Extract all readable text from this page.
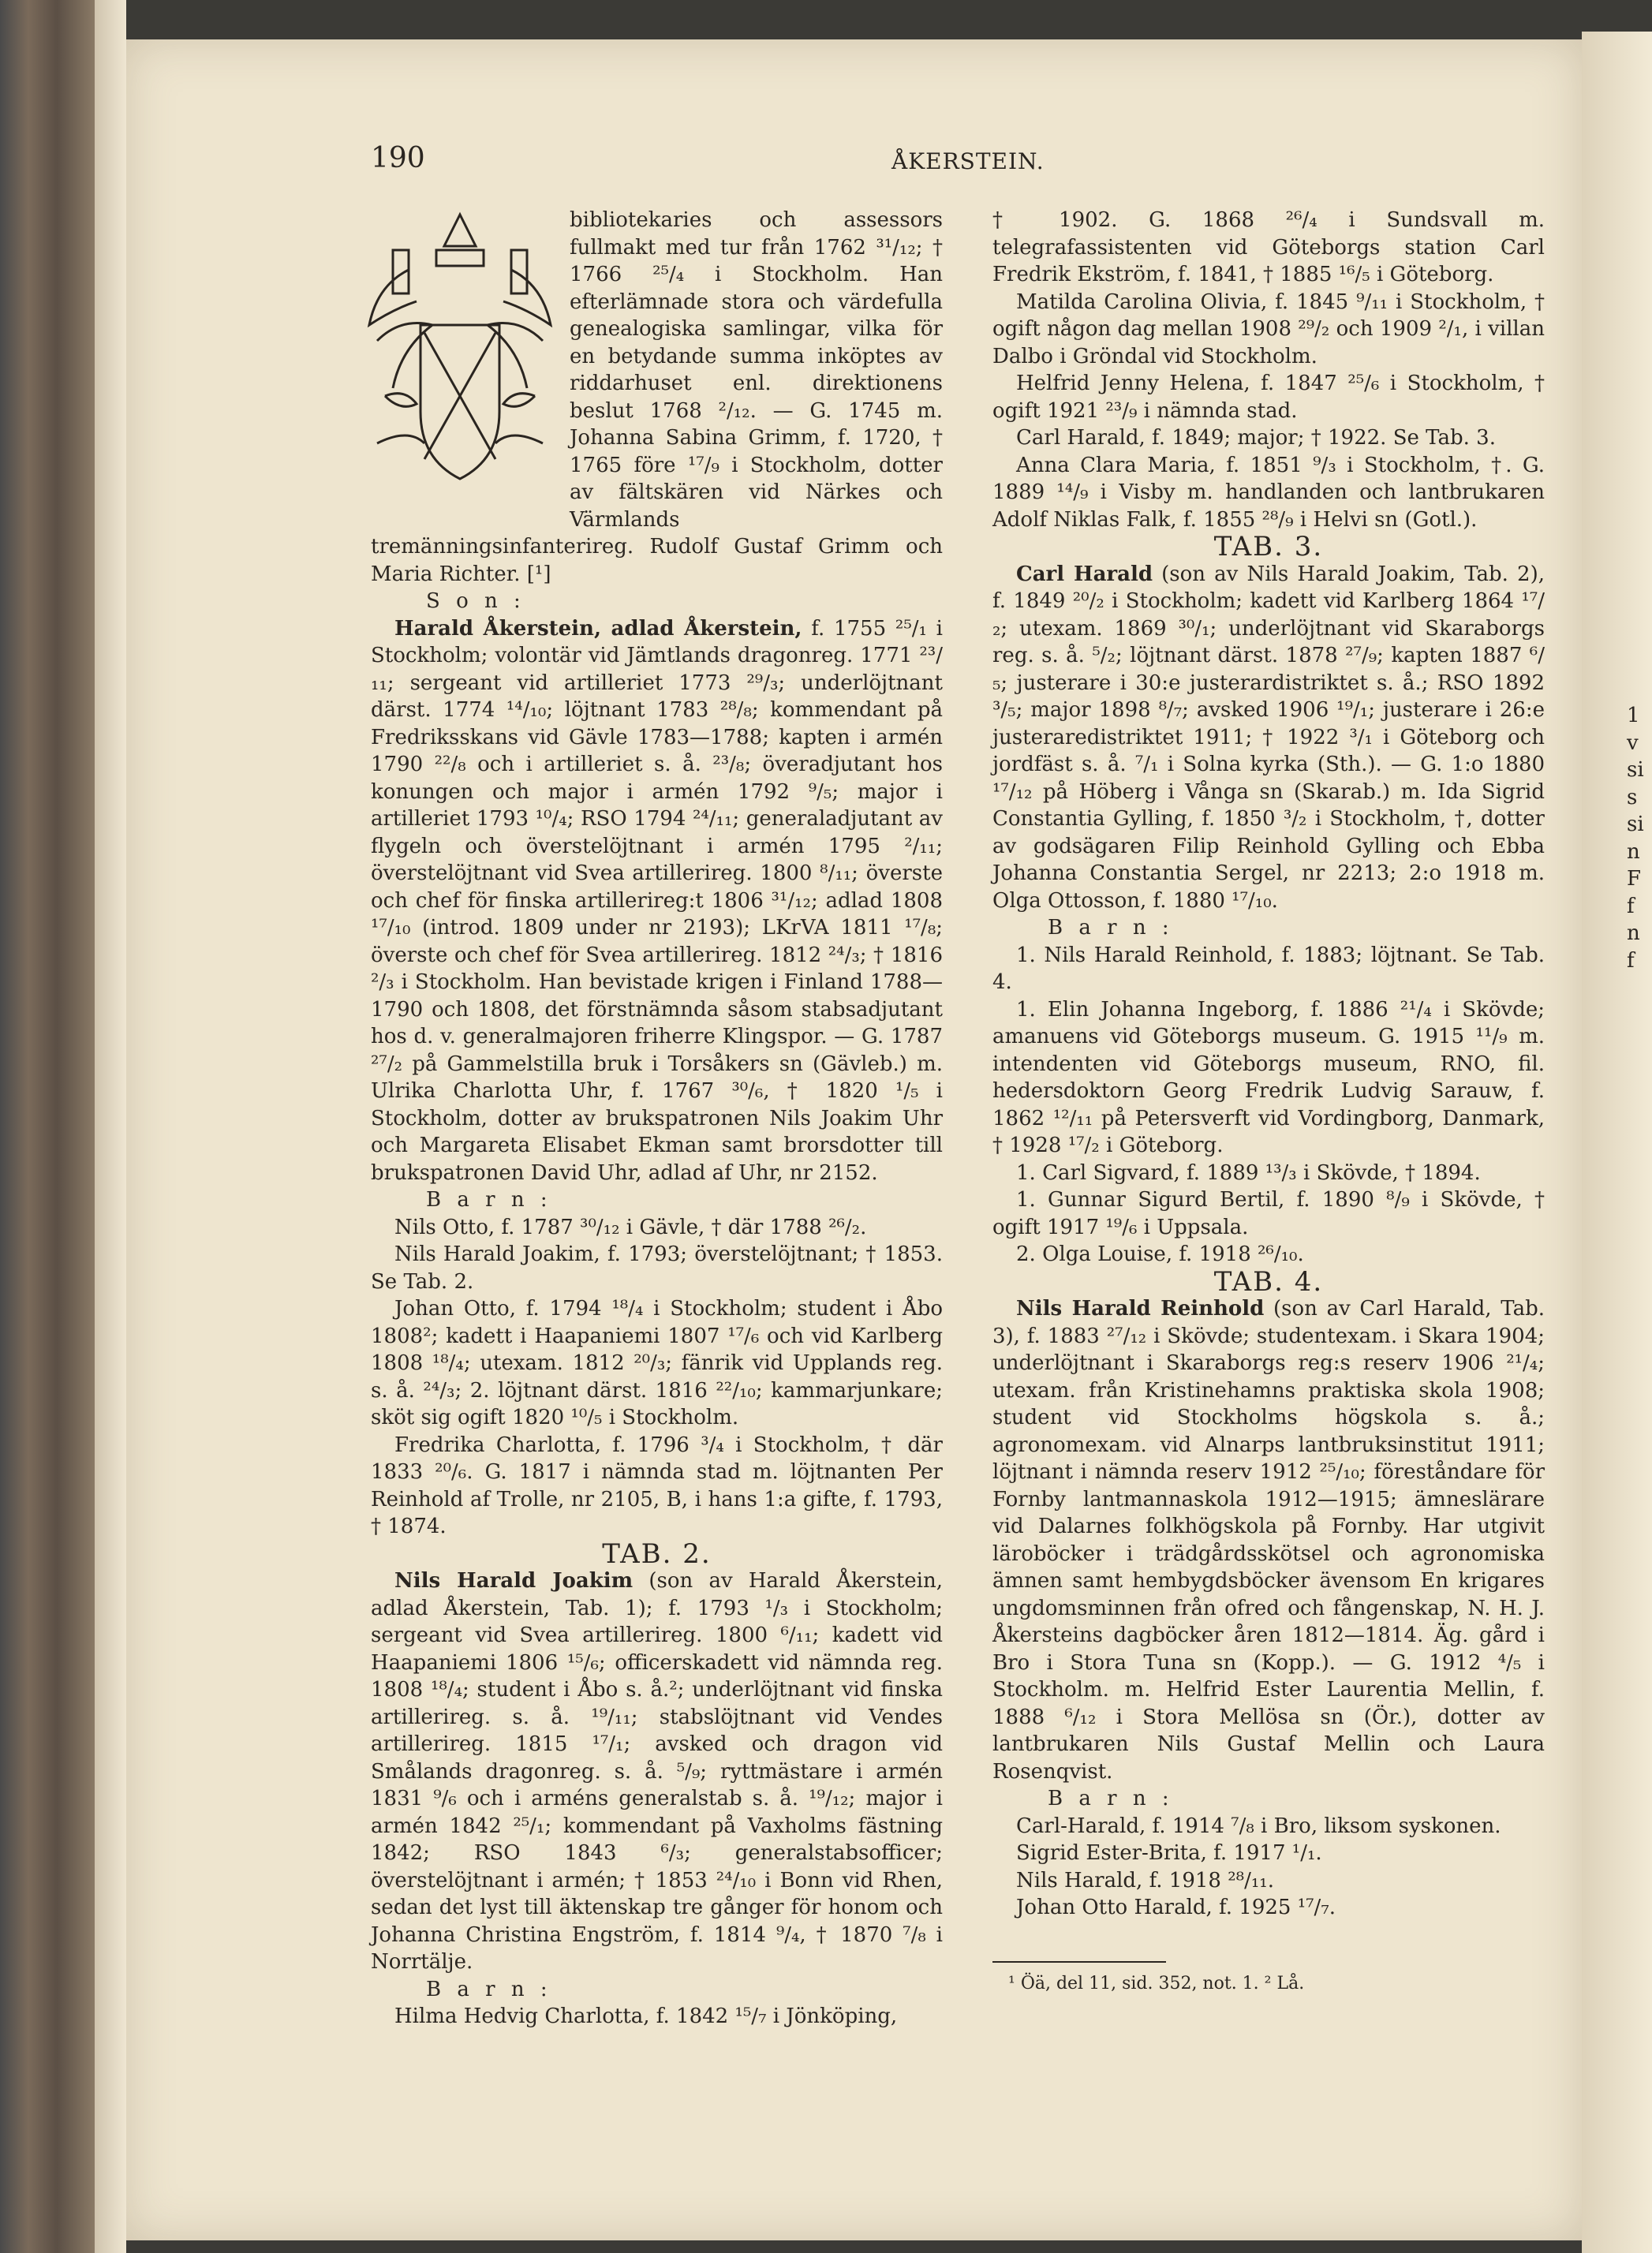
190	ÅKERSTEIN.

bibliotekaries och assessors fullmakt med tur från 1762 ³¹/₁₂; † 1766 ²⁵/₄ i Stockholm. Han efterlämnade stora och värdefulla genealogiska samlingar, vilka för en betydande summa inköptes av riddarhuset enl. direktionens beslut 1768 ²/₁₂. — G. 1745 m. Johanna Sabina Grimm, f. 1720, † 1765 före ¹⁷/₉ i Stockholm, dotter av fältskären vid Närkes och Värmlands tremänningsinfanterireg. Rudolf Gustaf Grimm och Maria Richter. [¹]

S o n :

Harald Åkerstein, adlad Åkerstein, f. 1755 ²⁵/₁ i Stockholm; volontär vid Jämtlands dragonreg. 1771 ²³/₁₁; sergeant vid artilleriet 1773 ²⁹/₃; underlöjtnant därst. 1774 ¹⁴/₁₀; löjtnant 1783 ²⁸/₈; kommendant på Fredriksskans vid Gävle 1783—1788; kapten i armén 1790 ²²/₈ och i artilleriet s. å. ²³/₈; överadjutant hos konungen och major i armén 1792 ⁹/₅; major i artilleriet 1793 ¹⁰/₄; RSO 1794 ²⁴/₁₁; generaladjutant av flygeln och överstelöjtnant i armén 1795 ²/₁₁; överstelöjtnant vid Svea artillerireg. 1800 ⁸/₁₁; överste och chef för finska artillerireg:t 1806 ³¹/₁₂; adlad 1808 ¹⁷/₁₀ (introd. 1809 under nr 2193); LKrVA 1811 ¹⁷/₈; överste och chef för Svea artillerireg. 1812 ²⁴/₃; † 1816 ²/₃ i Stockholm. Han bevistade krigen i Finland 1788—1790 och 1808, det förstnämnda såsom stabsadjutant hos d. v. generalmajoren friherre Klingspor. — G. 1787 ²⁷/₂ på Gammelstilla bruk i Torsåkers sn (Gävleb.) m. Ulrika Charlotta Uhr, f. 1767 ³⁰/₆, † 1820 ¹/₅ i Stockholm, dotter av brukspatronen Nils Joakim Uhr och Margareta Elisabet Ekman samt brorsdotter till brukspatronen David Uhr, adlad af Uhr, nr 2152.

B a r n :

Nils Otto, f. 1787 ³⁰/₁₂ i Gävle, † där 1788 ²⁶/₂.

Nils Harald Joakim, f. 1793; överstelöjtnant; † 1853. Se Tab. 2.

Johan Otto, f. 1794 ¹⁸/₄ i Stockholm; student i Åbo 1808²; kadett i Haapaniemi 1807 ¹⁷/₆ och vid Karlberg 1808 ¹⁸/₄; utexam. 1812 ²⁰/₃; fänrik vid Upplands reg. s. å. ²⁴/₃; 2. löjtnant därst. 1816 ²²/₁₀; kammarjunkare; sköt sig ogift 1820 ¹⁰/₅ i Stockholm.

Fredrika Charlotta, f. 1796 ³/₄ i Stockholm, † där 1833 ²⁰/₆. G. 1817 i nämnda stad m. löjtnanten Per Reinhold af Trolle, nr 2105, B, i hans 1:a gifte, f. 1793, † 1874.

TAB. 2.

Nils Harald Joakim (son av Harald Åkerstein, adlad Åkerstein, Tab. 1); f. 1793 ¹/₃ i Stockholm; sergeant vid Svea artillerireg. 1800 ⁶/₁₁; kadett vid Haapaniemi 1806 ¹⁵/₆; officerskadett vid nämnda reg. 1808 ¹⁸/₄; student i Åbo s. å.²; underlöjtnant vid finska artillerireg. s. å. ¹⁹/₁₁; stabslöjtnant vid Vendes artillerireg. 1815 ¹⁷/₁; avsked och dragon vid Smålands dragonreg. s. å. ⁵/₉; ryttmästare i armén 1831 ⁹/₆ och i arméns generalstab s. å. ¹⁹/₁₂; major i armén 1842 ²⁵/₁; kommendant på Vaxholms fästning 1842; RSO 1843 ⁶/₃; generalstabsofficer; överstelöjtnant i armén; † 1853 ²⁴/₁₀ i Bonn vid Rhen, sedan det lyst till äktenskap tre gånger för honom och Johanna Christina Engström, f. 1814 ⁹/₄, † 1870 ⁷/₈ i Norrtälje.

B a r n :

Hilma Hedvig Charlotta, f. 1842 ¹⁵/₇ i Jönköping,

† 1902. G. 1868 ²⁶/₄ i Sundsvall m. telegrafassistenten vid Göteborgs station Carl Fredrik Ekström, f. 1841, † 1885 ¹⁶/₅ i Göteborg.

Matilda Carolina Olivia, f. 1845 ⁹/₁₁ i Stockholm, † ogift någon dag mellan 1908 ²⁹/₂ och 1909 ²/₁, i villan Dalbo i Gröndal vid Stockholm.

Helfrid Jenny Helena, f. 1847 ²⁵/₆ i Stockholm, † ogift 1921 ²³/₉ i nämnda stad.

Carl Harald, f. 1849; major; † 1922. Se Tab. 3.

Anna Clara Maria, f. 1851 ⁹/₃ i Stockholm, †. G. 1889 ¹⁴/₉ i Visby m. handlanden och lantbrukaren Adolf Niklas Falk, f. 1855 ²⁸/₉ i Helvi sn (Gotl.).

TAB. 3.

Carl Harald (son av Nils Harald Joakim, Tab. 2), f. 1849 ²⁰/₂ i Stockholm; kadett vid Karlberg 1864 ¹⁷/₂; utexam. 1869 ³⁰/₁; underlöjtnant vid Skaraborgs reg. s. å. ⁵/₂; löjtnant därst. 1878 ²⁷/₉; kapten 1887 ⁶/₅; justerare i 30:e justerardistriktet s. å.; RSO 1892 ³/₅; major 1898 ⁸/₇; avsked 1906 ¹⁹/₁; justerare i 26:e justeraredistriktet 1911; † 1922 ³/₁ i Göteborg och jordfäst s. å. ⁷/₁ i Solna kyrka (Sth.). — G. 1:o 1880 ¹⁷/₁₂ på Höberg i Vånga sn (Skarab.) m. Ida Sigrid Constantia Gylling, f. 1850 ³/₂ i Stockholm, †, dotter av godsägaren Filip Reinhold Gylling och Ebba Johanna Constantia Sergel, nr 2213; 2:o 1918 m. Olga Ottosson, f. 1880 ¹⁷/₁₀.

B a r n :

1. Nils Harald Reinhold, f. 1883; löjtnant. Se Tab. 4.

1. Elin Johanna Ingeborg, f. 1886 ²¹/₄ i Skövde; amanuens vid Göteborgs museum. G. 1915 ¹¹/₉ m. intendenten vid Göteborgs museum, RNO, fil. hedersdoktorn Georg Fredrik Ludvig Sarauw, f. 1862 ¹²/₁₁ på Petersverft vid Vordingborg, Danmark, † 1928 ¹⁷/₂ i Göteborg.

1. Carl Sigvard, f. 1889 ¹³/₃ i Skövde, † 1894.

1. Gunnar Sigurd Bertil, f. 1890 ⁸/₉ i Skövde, † ogift 1917 ¹⁹/₆ i Uppsala.

2. Olga Louise, f. 1918 ²⁶/₁₀.

TAB. 4.

Nils Harald Reinhold (son av Carl Harald, Tab. 3), f. 1883 ²⁷/₁₂ i Skövde; studentexam. i Skara 1904; underlöjtnant i Skaraborgs reg:s reserv 1906 ²¹/₄; utexam. från Kristinehamns praktiska skola 1908; student vid Stockholms högskola s. å.; agronomexam. vid Alnarps lantbruksinstitut 1911; löjtnant i nämnda reserv 1912 ²⁵/₁₀; föreståndare för Fornby lantmannaskola 1912—1915; ämneslärare vid Dalarnes folkhögskola på Fornby. Har utgivit läroböcker i trädgårdsskötsel och agronomiska ämnen samt hembygdsböcker ävensom En krigares ungdomsminnen från ofred och fångenskap, N. H. J. Åkersteins dagböcker åren 1812—1814. Äg. gård i Bro i Stora Tuna sn (Kopp.). — G. 1912 ⁴/₅ i Stockholm. m. Helfrid Ester Laurentia Mellin, f. 1888 ⁶/₁₂ i Stora Mellösa sn (Ör.), dotter av lantbrukaren Nils Gustaf Mellin och Laura Rosenqvist.

B a r n :

Carl-Harald, f. 1914 ⁷/₈ i Bro, liksom syskonen.

Sigrid Ester-Brita, f. 1917 ¹/₁.

Nils Harald, f. 1918 ²⁸/₁₁.

Johan Otto Harald, f. 1925 ¹⁷/₇.

¹ Öä, del 11, sid. 352, not. 1. ² Lå.

1
v
si
s
si
n
F
f
n
f
